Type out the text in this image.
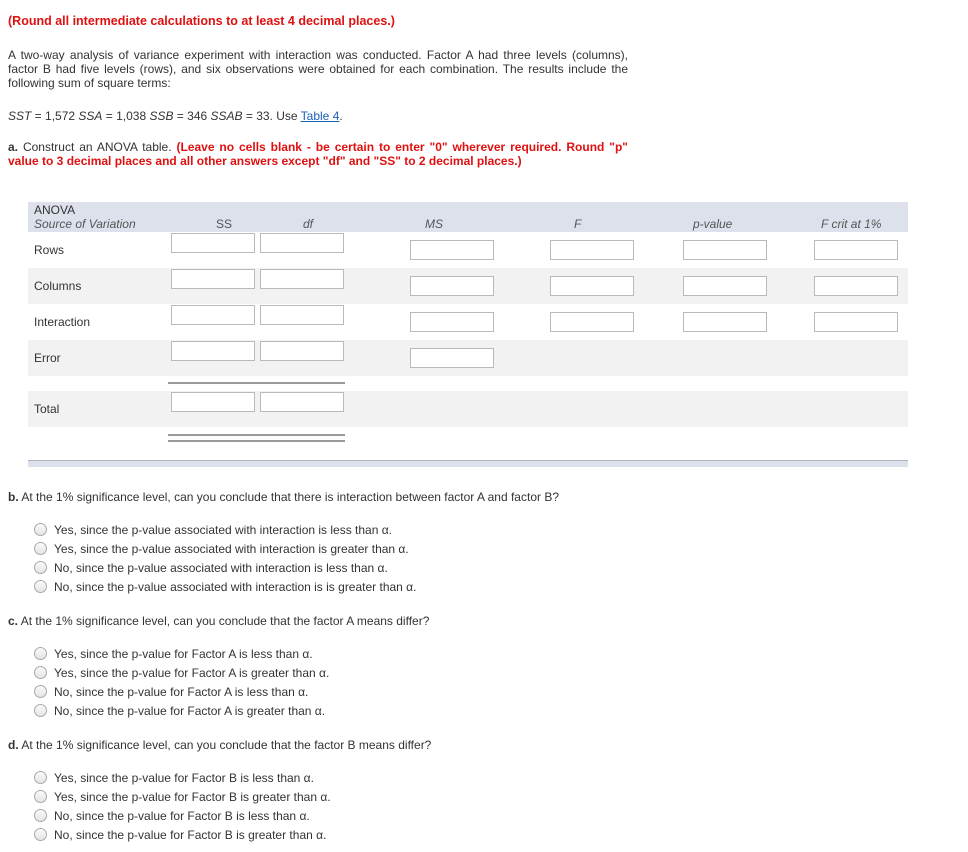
(Round all intermediate calculations to at least 4 decimal places.)
A two-way analysis of variance experiment with interaction was conducted. Factor A had three levels (columns), factor B had five levels (rows), and six observations were obtained for each combination. The results include the following sum of square terms:
SST = 1,572 SSA = 1,038 SSB = 346 SSAB = 33. Use Table 4.
a. Construct an ANOVA table. (Leave no cells blank - be certain to enter "0" wherever required. Round "p" value to 3 decimal places and all other answers except "df" and "SS" to 2 decimal places.)
ANOVA
Source of Variation	SS	df	MS	F	p-value	F crit at 1%
Rows
Columns
Interaction
Error
Total
b. At the 1% significance level, can you conclude that there is interaction between factor A and factor B?
Yes, since the p-value associated with interaction is less than α.
Yes, since the p-value associated with interaction is greater than α.
No, since the p-value associated with interaction is less than α.
No, since the p-value associated with interaction is is greater than α.
c. At the 1% significance level, can you conclude that the factor A means differ?
Yes, since the p-value for Factor A is less than α.
Yes, since the p-value for Factor A is greater than α.
No, since the p-value for Factor A is less than α.
No, since the p-value for Factor A is greater than α.
d. At the 1% significance level, can you conclude that the factor B means differ?
Yes, since the p-value for Factor B is less than α.
Yes, since the p-value for Factor B is greater than α.
No, since the p-value for Factor B is less than α.
No, since the p-value for Factor B is greater than α.
